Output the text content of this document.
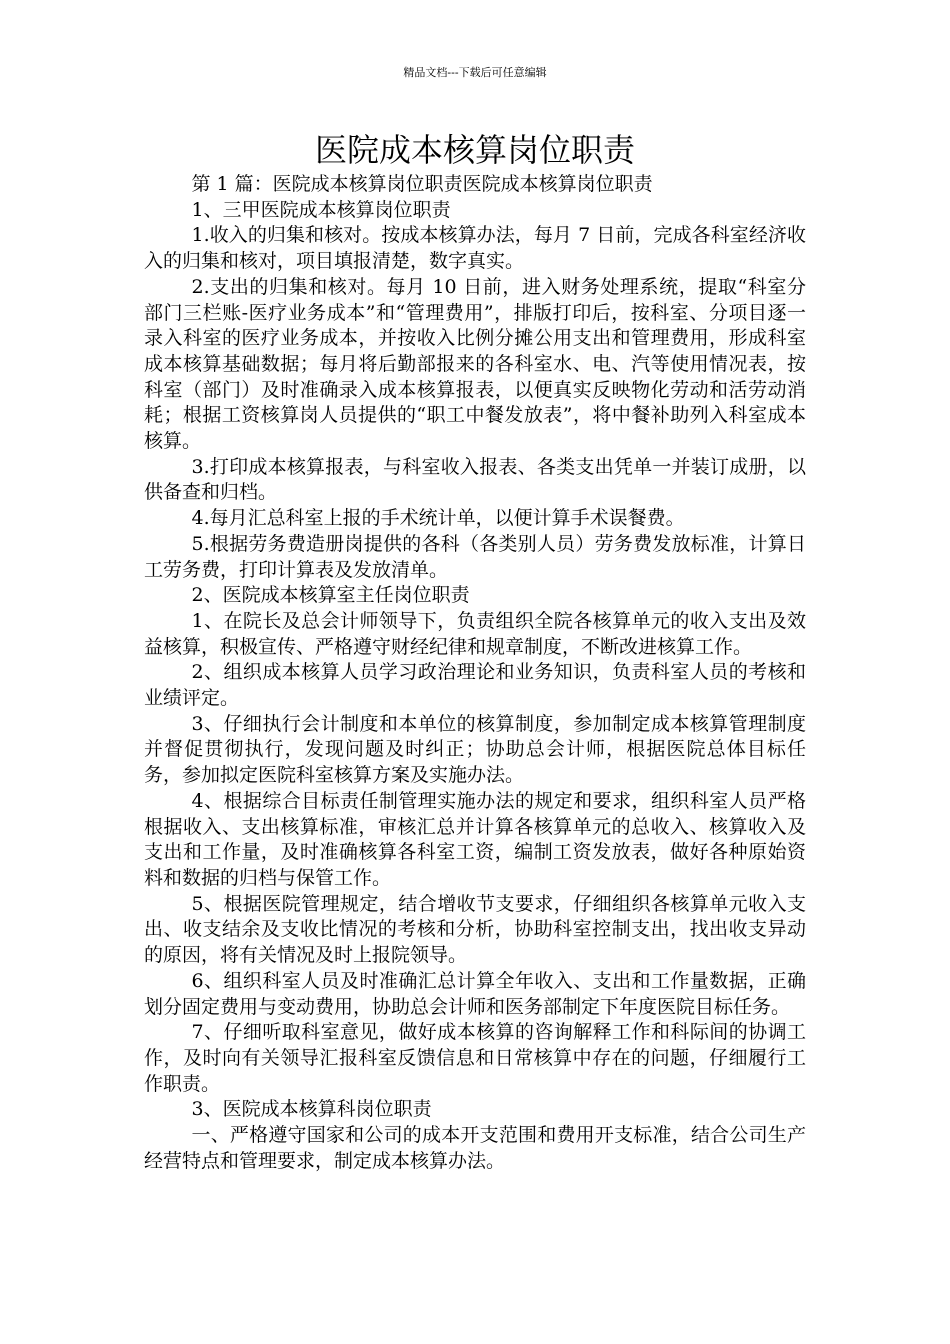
精品文档---下载后可任意编辑
医院成本核算岗位职责

第 1 篇：医院成本核算岗位职责医院成本核算岗位职责

1、三甲医院成本核算岗位职责

1.收入的归集和核对。按成本核算办法，每月 7 日前，完成各科室经济收入的归集和核对，项目填报清楚，数字真实。

2.支出的归集和核对。每月 10 日前，进入财务处理系统，提取“科室分部门三栏账-医疗业务成本”和“管理费用”，排版打印后，按科室、分项目逐一录入科室的医疗业务成本，并按收入比例分摊公用支出和管理费用，形成科室成本核算基础数据；每月将后勤部报来的各科室水、电、汽等使用情况表，按科室（部门）及时准确录入成本核算报表，以便真实反映物化劳动和活劳动消耗；根据工资核算岗人员提供的“职工中餐发放表”，将中餐补助列入科室成本核算。

3.打印成本核算报表，与科室收入报表、各类支出凭单一并装订成册，以供备查和归档。

4.每月汇总科室上报的手术统计单，以便计算手术误餐费。

5.根据劳务费造册岗提供的各科（各类别人员）劳务费发放标准，计算日工劳务费，打印计算表及发放清单。

2、医院成本核算室主任岗位职责

1、在院长及总会计师领导下，负责组织全院各核算单元的收入支出及效益核算，积极宣传、严格遵守财经纪律和规章制度，不断改进核算工作。

2、组织成本核算人员学习政治理论和业务知识，负责科室人员的考核和业绩评定。

3、仔细执行会计制度和本单位的核算制度，参加制定成本核算管理制度并督促贯彻执行，发现问题及时纠正；协助总会计师，根据医院总体目标任务，参加拟定医院科室核算方案及实施办法。

4、根据综合目标责任制管理实施办法的规定和要求，组织科室人员严格根据收入、支出核算标准，审核汇总并计算各核算单元的总收入、核算收入及支出和工作量，及时准确核算各科室工资，编制工资发放表，做好各种原始资料和数据的归档与保管工作。

5、根据医院管理规定，结合增收节支要求，仔细组织各核算单元收入支出、收支结余及支收比情况的考核和分析，协助科室控制支出，找出收支异动的原因，将有关情况及时上报院领导。

6、组织科室人员及时准确汇总计算全年收入、支出和工作量数据，正确划分固定费用与变动费用，协助总会计师和医务部制定下年度医院目标任务。

7、仔细听取科室意见，做好成本核算的咨询解释工作和科际间的协调工作，及时向有关领导汇报科室反馈信息和日常核算中存在的问题，仔细履行工作职责。

3、医院成本核算科岗位职责

一、严格遵守国家和公司的成本开支范围和费用开支标准，结合公司生产经营特点和管理要求，制定成本核算办法。
